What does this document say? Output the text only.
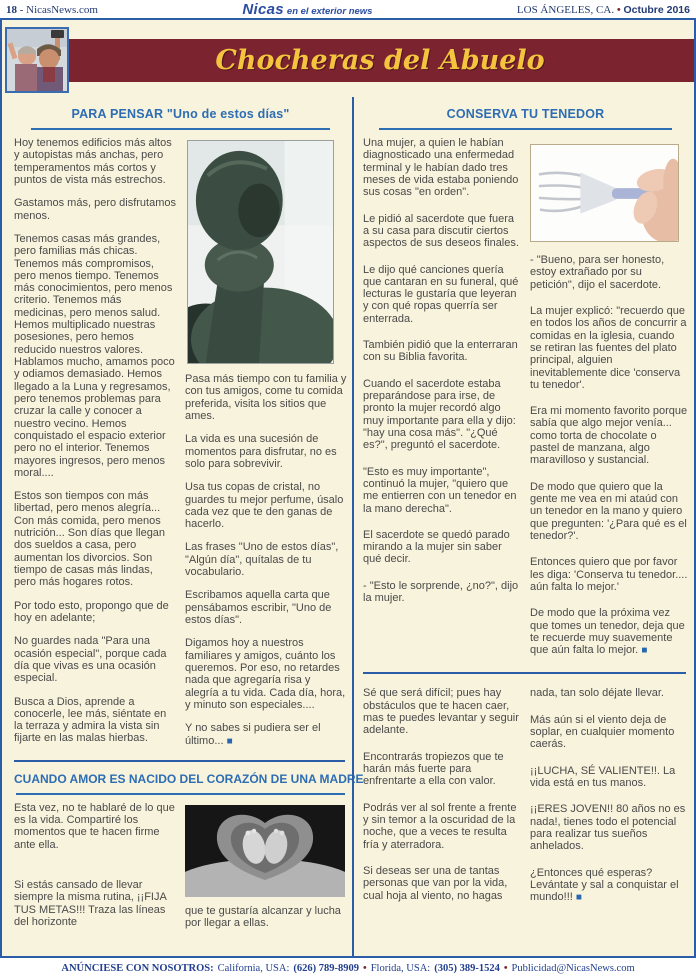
18 - NicasNews.com	Nicas en el exterior news	LOS ÁNGELES, CA. • Octubre 2016
Chocheras del Abuelo
PARA PENSAR "Uno de estos días"

Hoy tenemos edificios más altos y autopistas más anchas, pero temperamentos más cortos y puntos de vista más estrechos.

Gastamos más, pero disfrutamos menos.

Tenemos casas más grandes, pero familias más chicas. Tenemos más compromisos, pero menos tiempo. Tenemos más conocimientos, pero menos criterio. Tenemos más medicinas, pero menos salud. Hemos multiplicado nuestras posesiones, pero hemos reducido nuestros valores. Hablamos mucho, amamos poco y odiamos demasiado. Hemos llegado a la Luna y regresamos, pero tenemos problemas para cruzar la calle y conocer a nuestro vecino. Hemos conquistado el espacio exterior pero no el interior. Tenemos mayores ingresos, pero menos moral....

Estos son tiempos con más libertad, pero menos alegría... Con más comida, pero menos nutrición... Son días que llegan dos sueldos a casa, pero aumentan los divorcios. Son tiempo de casas más lindas, pero más hogares rotos.

Por todo esto, propongo que de hoy en adelante;

No guardes nada "Para una ocasión especial", porque cada día que vivas es una ocasión especial.

Busca a Dios, aprende a conocerle, lee más, siéntate en la terraza y admira la vista sin fijarte en las malas hierbas.

Pasa más tiempo con tu familia y con tus amigos, come tu comida preferida, visita los sitios que ames.

La vida es una sucesión de momentos para disfrutar, no es solo para sobrevivir.

Usa tus copas de cristal, no guardes tu mejor perfume, úsalo cada vez que te den ganas de hacerlo.

Las frases "Uno de estos días", "Algún día", quítalas de tu vocabulario.

Escribamos aquella carta que pensábamos escribir, "Uno de estos días".

Digamos hoy a nuestros familiares y amigos, cuánto los queremos. Por eso, no retardes nada que agregaría risa y alegría a tu vida. Cada día, hora, y minuto son especiales....

Y no sabes si pudiera ser el último... ■

CUANDO AMOR ES NACIDO DEL CORAZÓN DE UNA MADRE

Esta vez, no te hablaré de lo que es la vida. Compartiré los momentos que te hacen firme ante ella.

Si estás cansado de llevar siempre la misma rutina, ¡¡FIJA TUS METAS!!! Traza las líneas del horizonte

que te gustaría alcanzar y lucha por llegar a ellas.

CONSERVA TU TENEDOR

Una mujer, a quien le habían diagnosticado una enfermedad terminal y le habían dado tres meses de vida estaba poniendo sus cosas "en orden".

Le pidió al sacerdote que fuera a su casa para discutir ciertos aspectos de sus deseos finales.

Le dijo qué canciones quería que cantaran en su funeral, qué lecturas le gustaría que leyeran y con qué ropas querría ser enterrada.

También pidió que la enterraran con su Biblia favorita.

Cuando el sacerdote estaba preparándose para irse, de pronto la mujer recordó algo muy importante para ella y dijo: "hay una cosa más". "¿Qué es?", preguntó el sacerdote.

"Esto es muy importante", continuó la mujer, "quiero que me entierren con un tenedor en la mano derecha".

El sacerdote se quedó parado mirando a la mujer sin saber qué decir.

- "Esto le sorprende, ¿no?", dijo la mujer.

- "Bueno, para ser honesto, estoy extrañado por su petición", dijo el sacerdote.

La mujer explicó: "recuerdo que en todos los años de concurrir a comidas en la iglesia, cuando se retiran las fuentes del plato principal, alguien inevitablemente dice 'conserva tu tenedor'.

Era mi momento favorito porque sabía que algo mejor venía... como torta de chocolate o pastel de manzana, algo maravilloso y sustancial.

De modo que quiero que la gente me vea en mi ataúd con un tenedor en la mano y quiero que pregunten: '¿Para qué es el tenedor?'.

Entonces quiero que por favor les diga: 'Conserva tu tenedor.... aún falta lo mejor.'

De modo que la próxima vez que tomes un tenedor, deja que te recuerde muy suavemente que aún falta lo mejor. ■

Sé que será difícil; pues hay obstáculos que te hacen caer, mas te puedes levantar y seguir adelante.

Encontrarás tropiezos que te harán más fuerte para enfrentarte a ella con valor.

Podrás ver al sol frente a frente y sin temor a la oscuridad de la noche, que a veces te resulta fría y aterradora.

Si deseas ser una de tantas personas que van por la vida, cual hoja al viento, no hagas

nada, tan solo déjate llevar.

Más aún si el viento deja de soplar, en cualquier momento caerás.

¡¡LUCHA, SÉ VALIENTE!!. La vida está en tus manos.

¡¡ERES JOVEN!! 80 años no es nada!, tienes todo el potencial para realizar tus sueños anhelados.

¿Entonces qué esperas? Levántate y sal a conquistar el mundo!!! ■

ANÚNCIESE CON NOSOTROS: California, USA: (626) 789-8909 • Florida, USA: (305) 389-1524 • Publicidad@NicasNews.com
